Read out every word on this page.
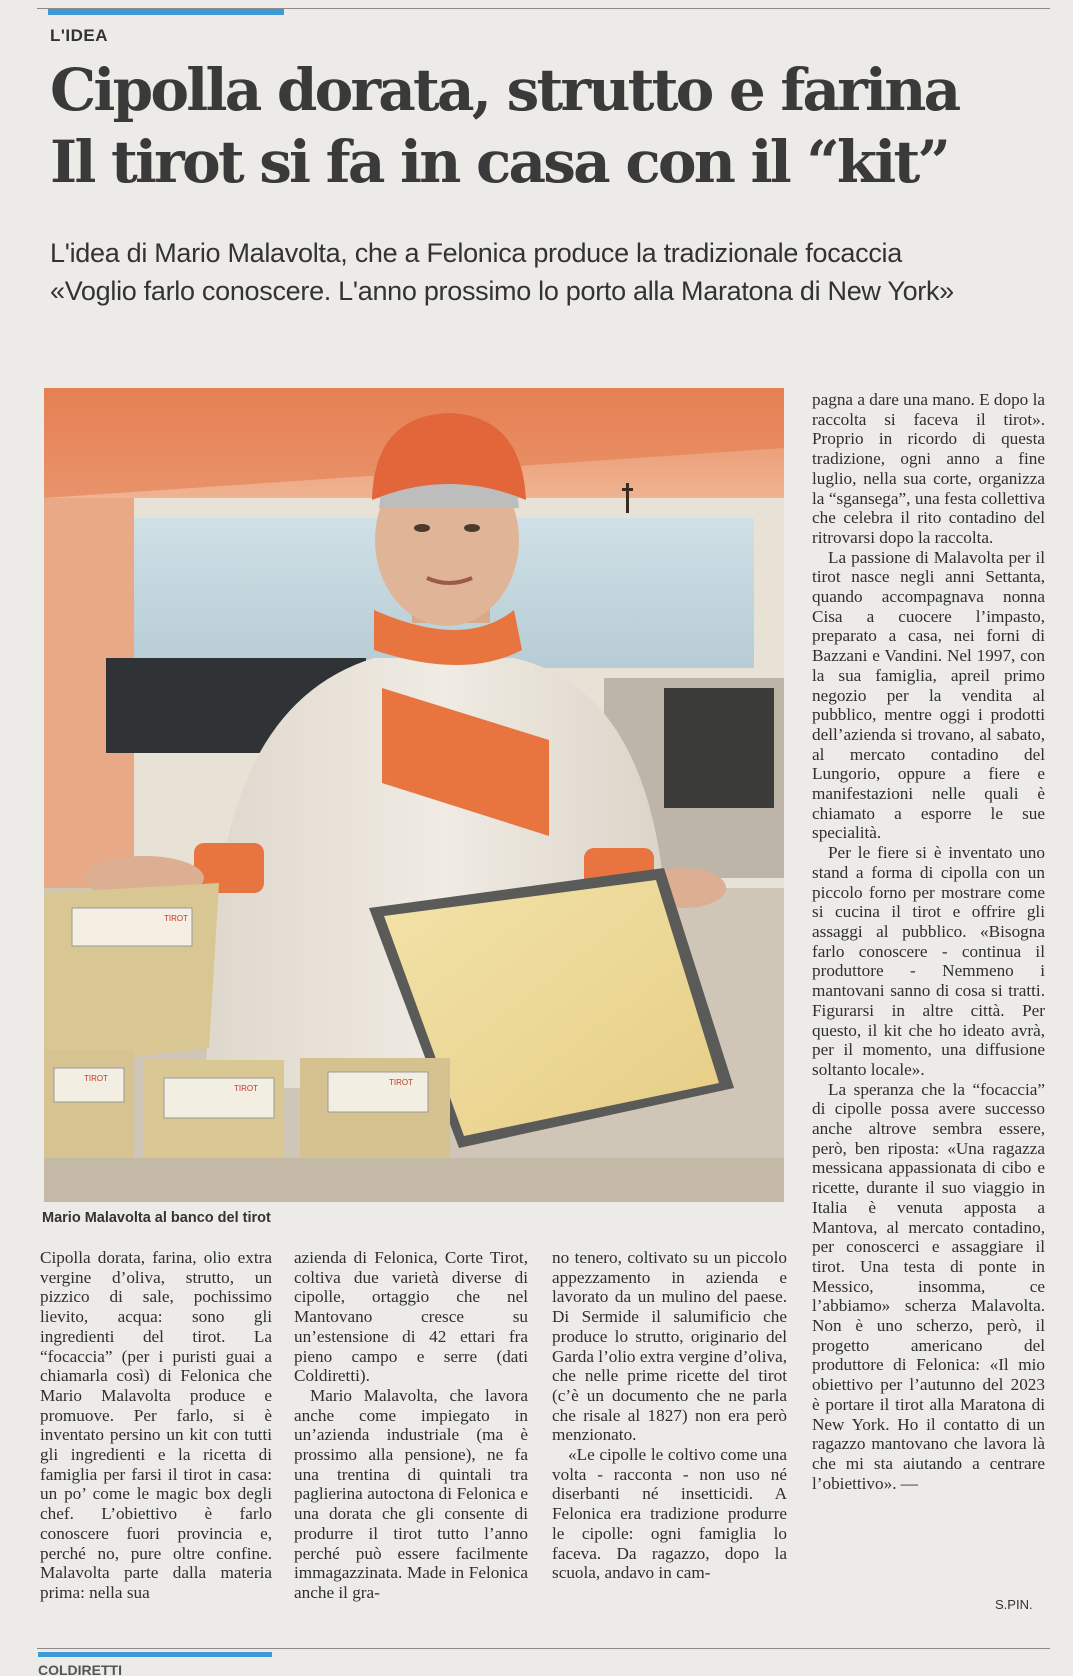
L'IDEA
Cipolla dorata, strutto e farina
Il tirot si fa in casa con il “kit”
L'idea di Mario Malavolta, che a Felonica produce la tradizionale focaccia
«Voglio farlo conoscere. L'anno prossimo lo porto alla Maratona di New York»
TIROT
TIROT
TIROT
TIROT
Mario Malavolta al banco del tirot

pagna a dare una mano. E dopo la raccolta si faceva il tirot». Proprio in ricordo di questa tradizione, ogni anno a fine luglio, nella sua corte, organizza la “sgansega”, una festa collettiva che celebra il rito contadino del ritrovarsi dopo la raccolta.

La passione di Malavolta per il tirot nasce negli anni Settanta, quando accompagnava nonna Cisa a cuocere l’impasto, preparato a casa, nei forni di Bazzani e Vandini. Nel 1997, con la sua famiglia, apreil primo negozio per la vendita al pubblico, mentre oggi i prodotti dell’azienda si trovano, al sabato, al mercato contadino del Lungorio, oppure a fiere e manifestazioni nelle quali è chiamato a esporre le sue specialità.

Per le fiere si è inventato uno stand a forma di cipolla con un piccolo forno per mostrare come si cucina il tirot e offrire gli assaggi al pubblico. «Bisogna farlo conoscere - continua il produttore - Nemmeno i mantovani sanno di cosa si tratti. Figurarsi in altre città. Per questo, il kit che ho ideato avrà, per il momento, una diffusione soltanto locale».

La speranza che la “focaccia” di cipolle possa avere successo anche altrove sembra essere, però, ben riposta: «Una ragazza messicana appassionata di cibo e ricette, durante il suo viaggio in Italia è venuta apposta a Mantova, al mercato contadino, per conoscerci e assaggiare il tirot. Una testa di ponte in Messico, insomma, ce l’abbiamo» scherza Malavolta. Non è uno scherzo, però, il progetto americano del produttore di Felonica: «Il mio obiettivo per l’autunno del 2023 è portare il tirot alla Maratona di New York. Ho il contatto di un ragazzo mantovano che lavora là che mi sta aiutando a centrare l’obiettivo». —

Cipolla dorata, farina, olio extra vergine d’oliva, strutto, un pizzico di sale, pochissimo lievito, acqua: sono gli ingredienti del tirot. La “focaccia” (per i puristi guai a chiamarla così) di Felonica che Mario Malavolta produce e promuove. Per farlo, si è inventato persino un kit con tutti gli ingredienti e la ricetta di famiglia per farsi il tirot in casa: un po’ come le magic box degli chef. L’obiettivo è farlo conoscere fuori provincia e, perché no, pure oltre confine. Malavolta parte dalla materia prima: nella sua

azienda di Felonica, Corte Tirot, coltiva due varietà diverse di cipolle, ortaggio che nel Mantovano cresce su un’estensione di 42 ettari fra pieno campo e serre (dati Coldiretti).

Mario Malavolta, che lavora anche come impiegato in un’azienda industriale (ma è prossimo alla pensione), ne fa una trentina di quintali tra paglierina autoctona di Felonica e una dorata che gli consente di produrre il tirot tutto l’anno perché può essere facilmente immagazzinata. Made in Felonica anche il gra-

no tenero, coltivato su un piccolo appezzamento in azienda e lavorato da un mulino del paese. Di Sermide il salumificio che produce lo strutto, originario del Garda l’olio extra vergine d’oliva, che nelle prime ricette del tirot (c’è un documento che ne parla che risale al 1827) non era però menzionato.

«Le cipolle le coltivo come una volta - racconta - non uso né diserbanti né insetticidi. A Felonica era tradizione produrre le cipolle: ogni famiglia lo faceva. Da ragazzo, dopo la scuola, andavo in cam-

S.PIN.
COLDIRETTI
